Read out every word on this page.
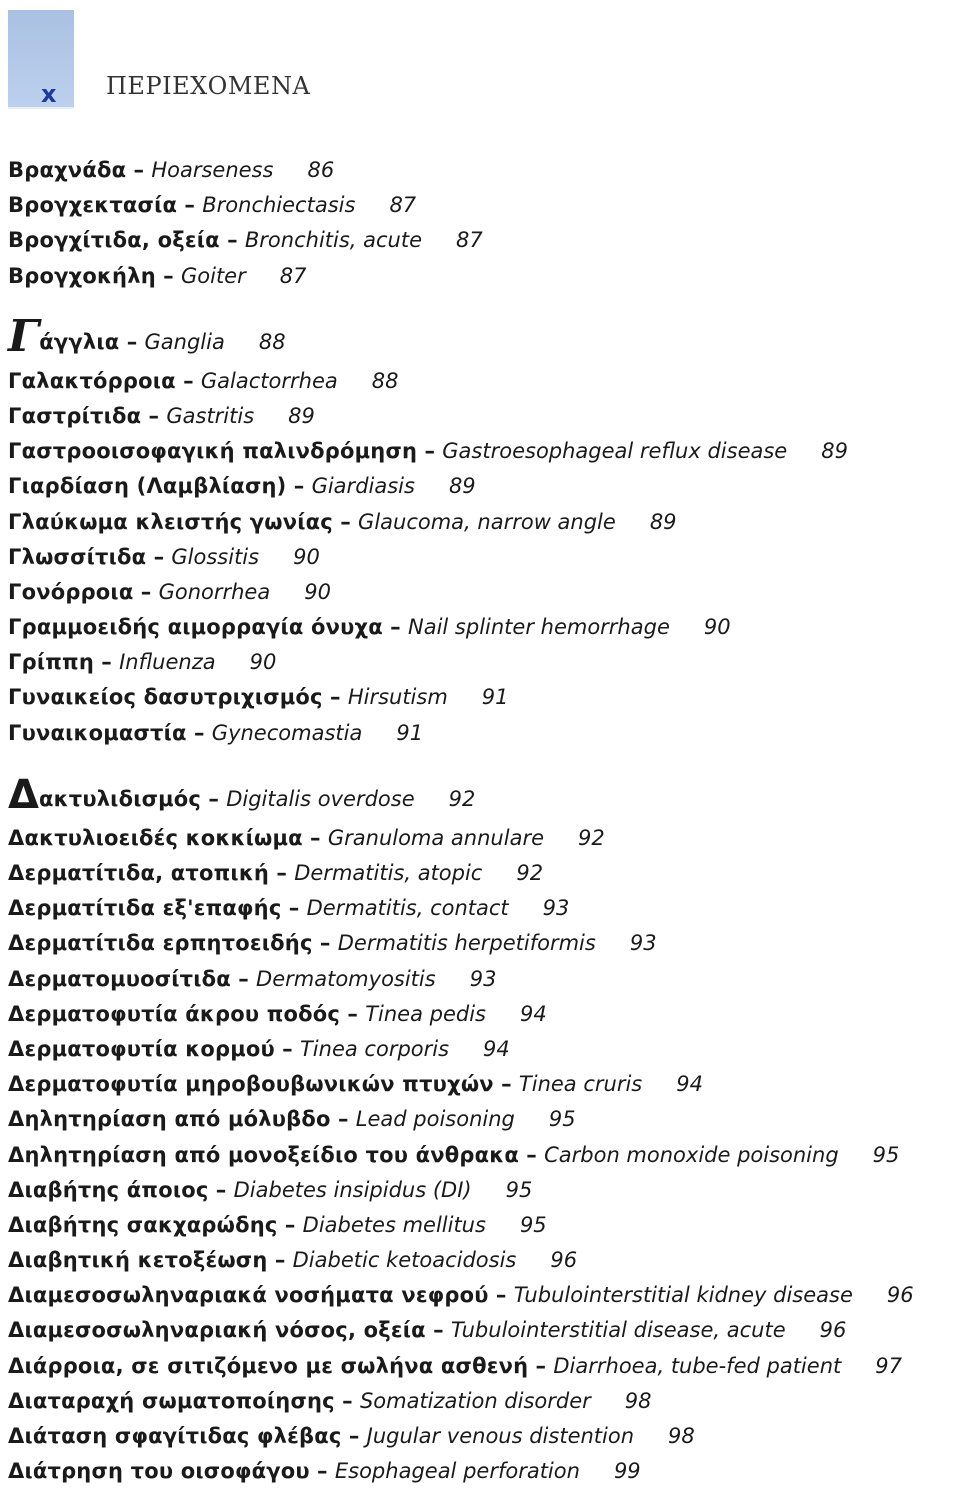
x ΠΕΡΙΕΧΟΜΕΝΑ
Βραχνάδα – Hoarseness 86
Βρογχεκτασία – Bronchiectasis 87
Βρογχίτιδα, οξεία – Bronchitis, acute 87
Βρογχοκήλη – Goiter 87
Γάγγλια – Ganglia 88
Γαλακτόρροια – Galactorrhea 88
Γαστρίτιδα – Gastritis 89
Γαστροοισοφαγική παλινδρόμηση – Gastroesophageal reflux disease 89
Γιαρδίαση (Λαμβλίαση) – Giardiasis 89
Γλαύκωμα κλειστής γωνίας – Glaucoma, narrow angle 89
Γλωσσίτιδα – Glossitis 90
Γονόρροια – Gonorrhea 90
Γραμμοειδής αιμορραγία όνυχα – Nail splinter hemorrhage 90
Γρίππη – Influenza 90
Γυναικείος δασυτριχισμός – Hirsutism 91
Γυναικομαστία – Gynecomastia 91
Δακτυλιδισμός – Digitalis overdose 92
Δακτυλιοειδές κοκκίωμα – Granuloma annulare 92
Δερματίτιδα, ατοπική – Dermatitis, atopic 92
Δερματίτιδα εξ'επαφής – Dermatitis, contact 93
Δερματίτιδα ερπητοειδής – Dermatitis herpetiformis 93
Δερματομυοσίτιδα – Dermatomyositis 93
Δερματοφυτία άκρου ποδός – Tinea pedis 94
Δερματοφυτία κορμού – Tinea corporis 94
Δερματοφυτία μηροβουβωνικών πτυχών – Tinea cruris 94
Δηλητηρίαση από μόλυβδο – Lead poisoning 95
Δηλητηρίαση από μονοξείδιο του άνθρακα – Carbon monoxide poisoning 95
Διαβήτης άποιος – Diabetes insipidus (DI) 95
Διαβήτης σακχαρώδης – Diabetes mellitus 95
Διαβητική κετοξέωση – Diabetic ketoacidosis 96
Διαμεσοσωληναριακά νοσήματα νεφρού – Tubulointerstitial kidney disease 96
Διαμεσοσωληναριακή νόσος, οξεία – Tubulointerstitial disease, acute 96
Διάρροια, σε σιτιζόμενο με σωλήνα ασθενή – Diarrhoea, tube-fed patient 97
Διαταραχή σωματοποίησης – Somatization disorder 98
Διάταση σφαγίτιδας φλέβας – Jugular venous distention 98
Διάτρηση του οισοφάγου – Esophageal perforation 99
